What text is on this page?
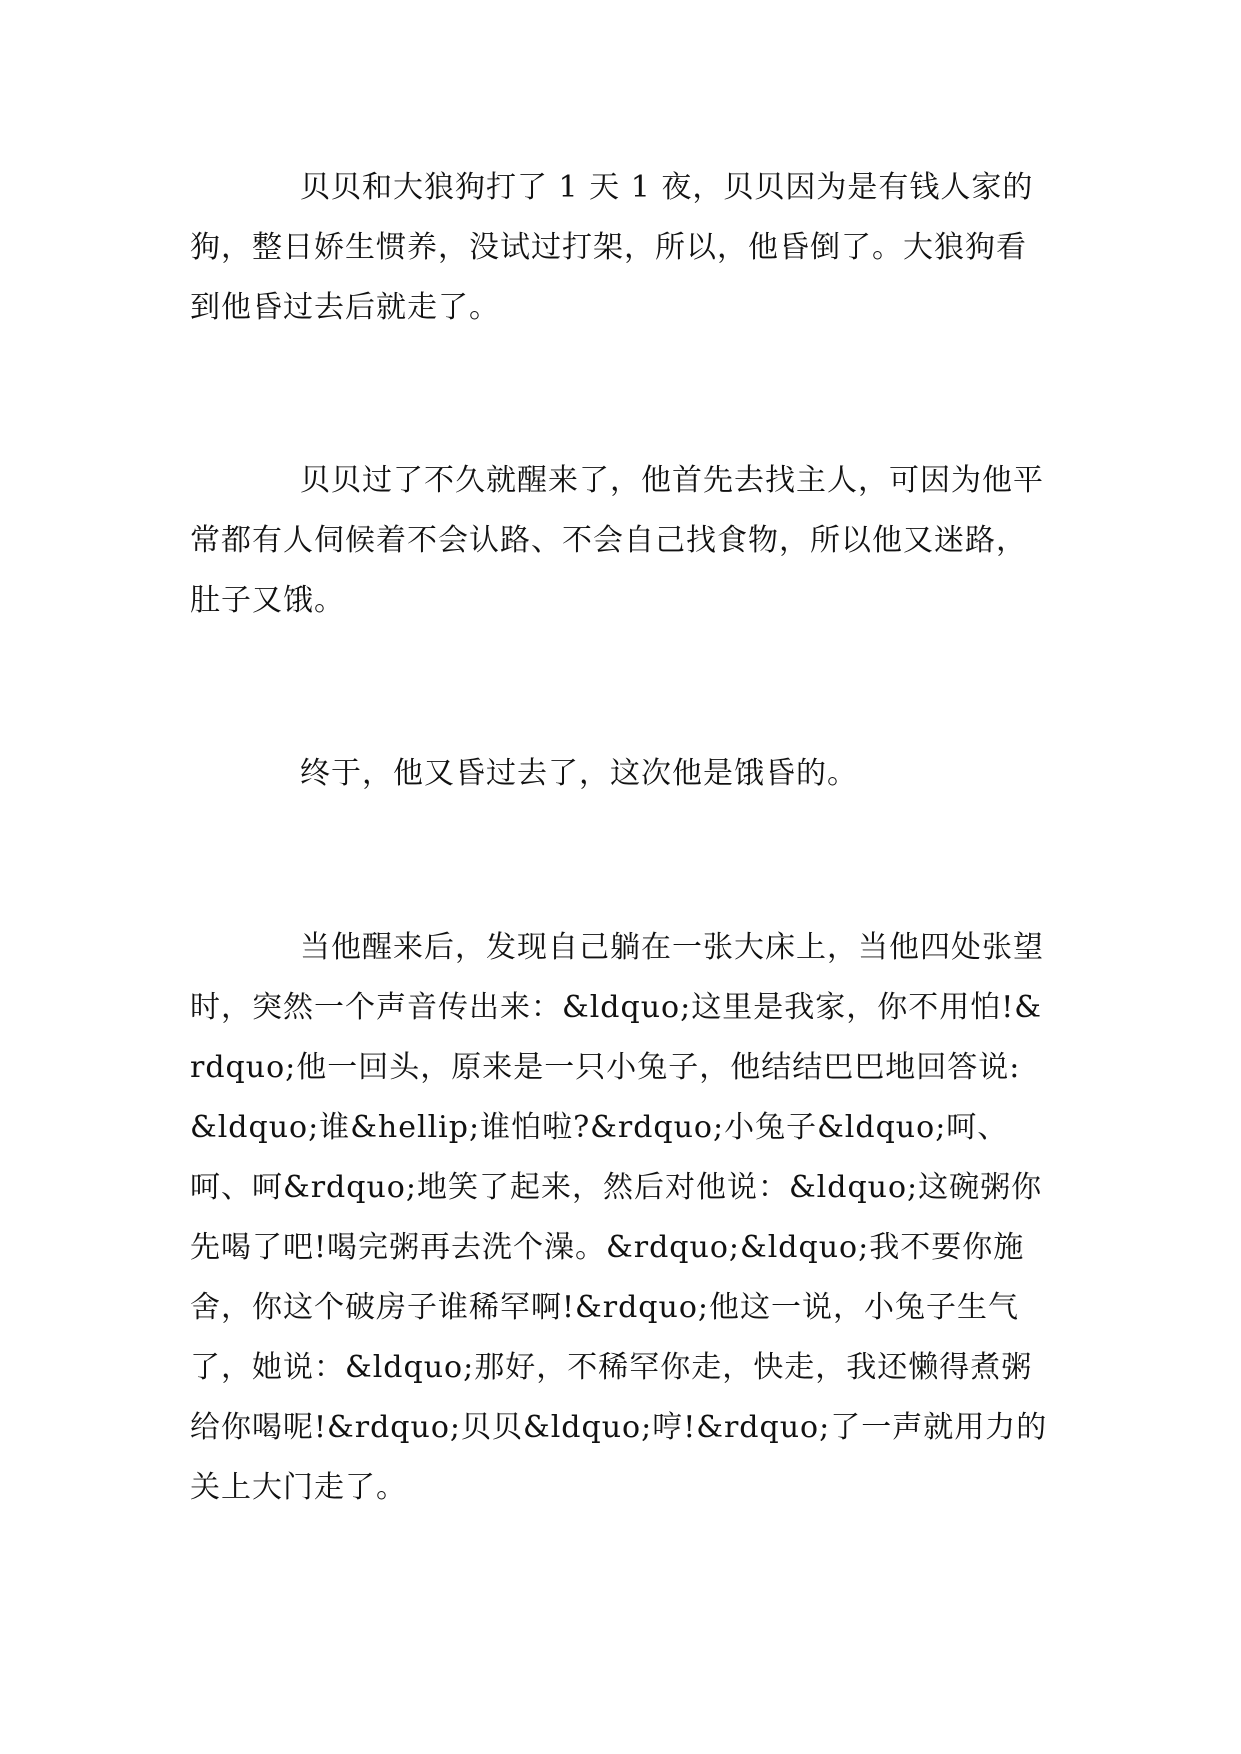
贝贝和大狼狗打了 1 天 1 夜，贝贝因为是有钱人家的狗，整日娇生惯养，没试过打架，所以，他昏倒了。大狼狗看到他昏过去后就走了。

贝贝过了不久就醒来了，他首先去找主人，可因为他平常都有人伺候着不会认路、不会自己找食物，所以他又迷路，肚子又饿。

终于，他又昏过去了，这次他是饿昏的。

当他醒来后，发现自己躺在一张大床上，当他四处张望时，突然一个声音传出来：&ldquo;这里是我家，你不用怕!&rdquo;他一回头，原来是一只小兔子，他结结巴巴地回答说: &ldquo;谁&hellip;谁怕啦?&rdquo;小兔子&ldquo;呵、呵、呵&rdquo;地笑了起来，然后对他说：&ldquo;这碗粥你先喝了吧!喝完粥再去洗个澡。&rdquo;&ldquo;我不要你施舍，你这个破房子谁稀罕啊!&rdquo;他这一说，小兔子生气了，她说：&ldquo;那好，不稀罕你走，快走，我还懒得煮粥给你喝呢!&rdquo;贝贝&ldquo;哼!&rdquo;了一声就用力的关上大门走了。
